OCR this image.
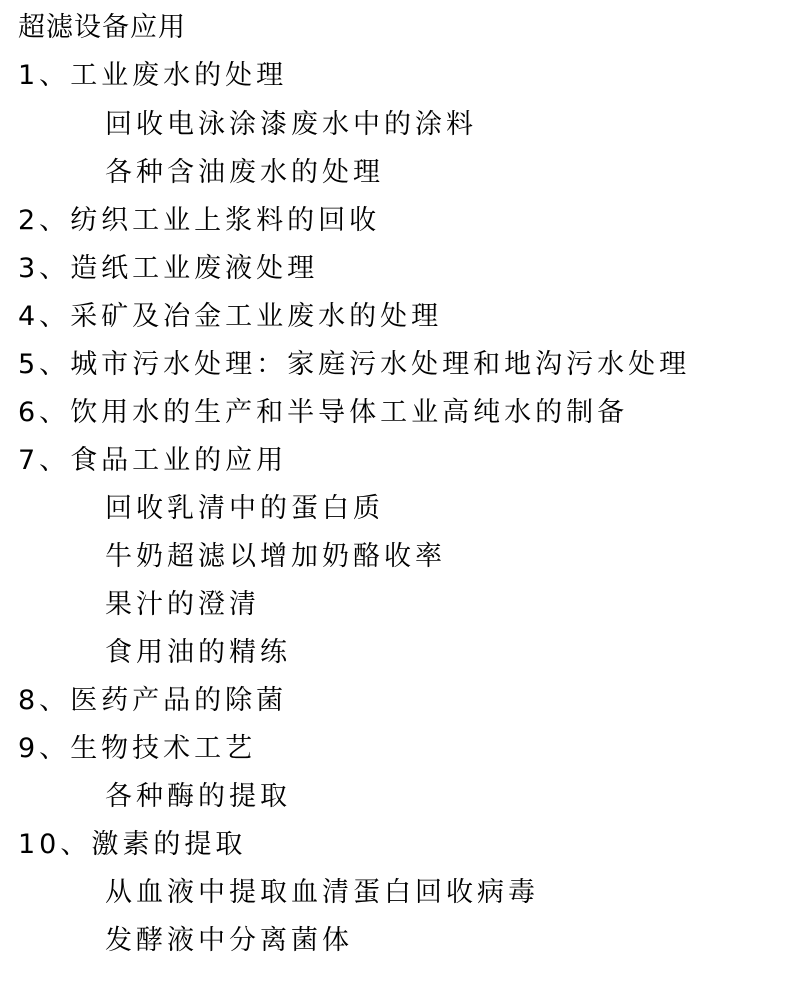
超滤设备应用
1、工业废水的处理
回收电泳涂漆废水中的涂料
各种含油废水的处理
2、纺织工业上浆料的回收
3、造纸工业废液处理
4、采矿及冶金工业废水的处理
5、城市污水处理：家庭污水处理和地沟污水处理
6、饮用水的生产和半导体工业高纯水的制备
7、食品工业的应用
回收乳清中的蛋白质
牛奶超滤以增加奶酪收率
果汁的澄清
食用油的精练
8、医药产品的除菌
9、生物技术工艺
各种酶的提取
10、激素的提取
从血液中提取血清蛋白回收病毒
发酵液中分离菌体
